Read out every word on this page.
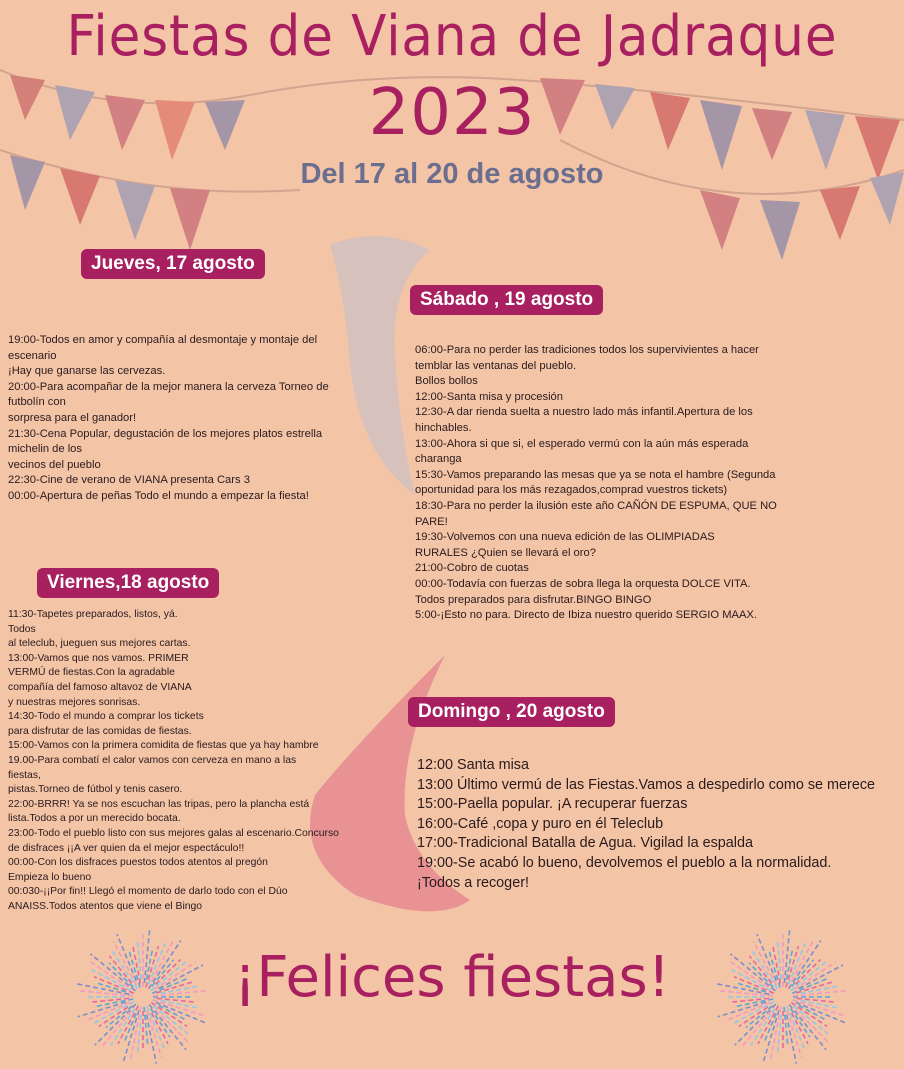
Fiestas de Viana de Jadraque
2023
Del 17 al 20 de agosto
Jueves, 17 agosto
Sábado , 19 agosto
Viernes,18 agosto
Domingo , 20 agosto
19:00-Todos en amor y compañía al desmontaje y montaje del
escenario
¡Hay que ganarse las cervezas.
20:00-Para acompañar de la mejor manera la cerveza Torneo de
futbolín con
sorpresa para el ganador!
21:30-Cena Popular, degustación de los mejores platos estrella
michelin de los
vecinos del pueblo
22:30-Cine de verano de VIANA presenta Cars 3
00:00-Apertura de peñas Todo el mundo a empezar la fiesta!
11:30-Tapetes preparados, listos, yá.
Todos
al teleclub, jueguen sus mejores cartas.
13:00-Vamos que nos vamos. PRIMER
VERMÚ de fiestas.Con la agradable
compañía del famoso altavoz de VIANA
y nuestras mejores sonrisas.
14:30-Todo el mundo a comprar los tickets
para disfrutar de las comidas de fiestas.
15:00-Vamos con la primera comidita de fiestas que ya hay hambre
19.00-Para combatí el calor vamos con cerveza en mano a las
fiestas,
pistas.Torneo de fútbol y tenis casero.
22:00-BRRR! Ya se nos escuchan las tripas, pero la plancha está
lista.Todos a por un merecido bocata.
23:00-Todo el pueblo listo con sus mejores galas al escenario.Concurso
de disfraces ¡¡A ver quien da el mejor espectáculo!!
00:00-Con los disfraces puestos todos atentos al pregón
Empieza lo bueno
00:030-¡¡Por fin!! Llegó el momento de darlo todo con el Dúo
ANAISS.Todos atentos que viene el Bingo
06:00-Para no perder las tradiciones todos los supervivientes a hacer
temblar las ventanas del pueblo.
Bollos bollos
12:00-Santa misa y procesión
12:30-A dar rienda suelta a nuestro lado más infantil.Apertura de los
hinchables.
13:00-Ahora si que si, el esperado vermú con la aún más esperada
charanga
15:30-Vamos preparando las mesas que ya se nota el hambre (Segunda
oportunidad para los más rezagados,comprad vuestros tickets)
18:30-Para no perder la ilusión este año CAÑÓN DE ESPUMA, QUE NO
PARE!
19:30-Volvemos con una nueva edición de las OLIMPIADAS
RURALES ¿Quien se llevará el oro?
21:00-Cobro de cuotas
00:00-Todavía con fuerzas de sobra llega la orquesta DOLCE VITA.
Todos preparados para disfrutar.BINGO BINGO
5:00-¡Esto no para. Directo de Ibiza nuestro querido SERGIO MAAX.
12:00 Santa misa
13:00 Último vermú de las Fiestas.Vamos a despedirlo como se merece
15:00-Paella popular. ¡A recuperar fuerzas
16:00-Café ,copa y puro en él Teleclub
17:00-Tradicional Batalla de Agua. Vigilad la espalda
19:00-Se acabó lo bueno, devolvemos el pueblo a la normalidad.
¡Todos a recoger!
¡Felices fiestas!
